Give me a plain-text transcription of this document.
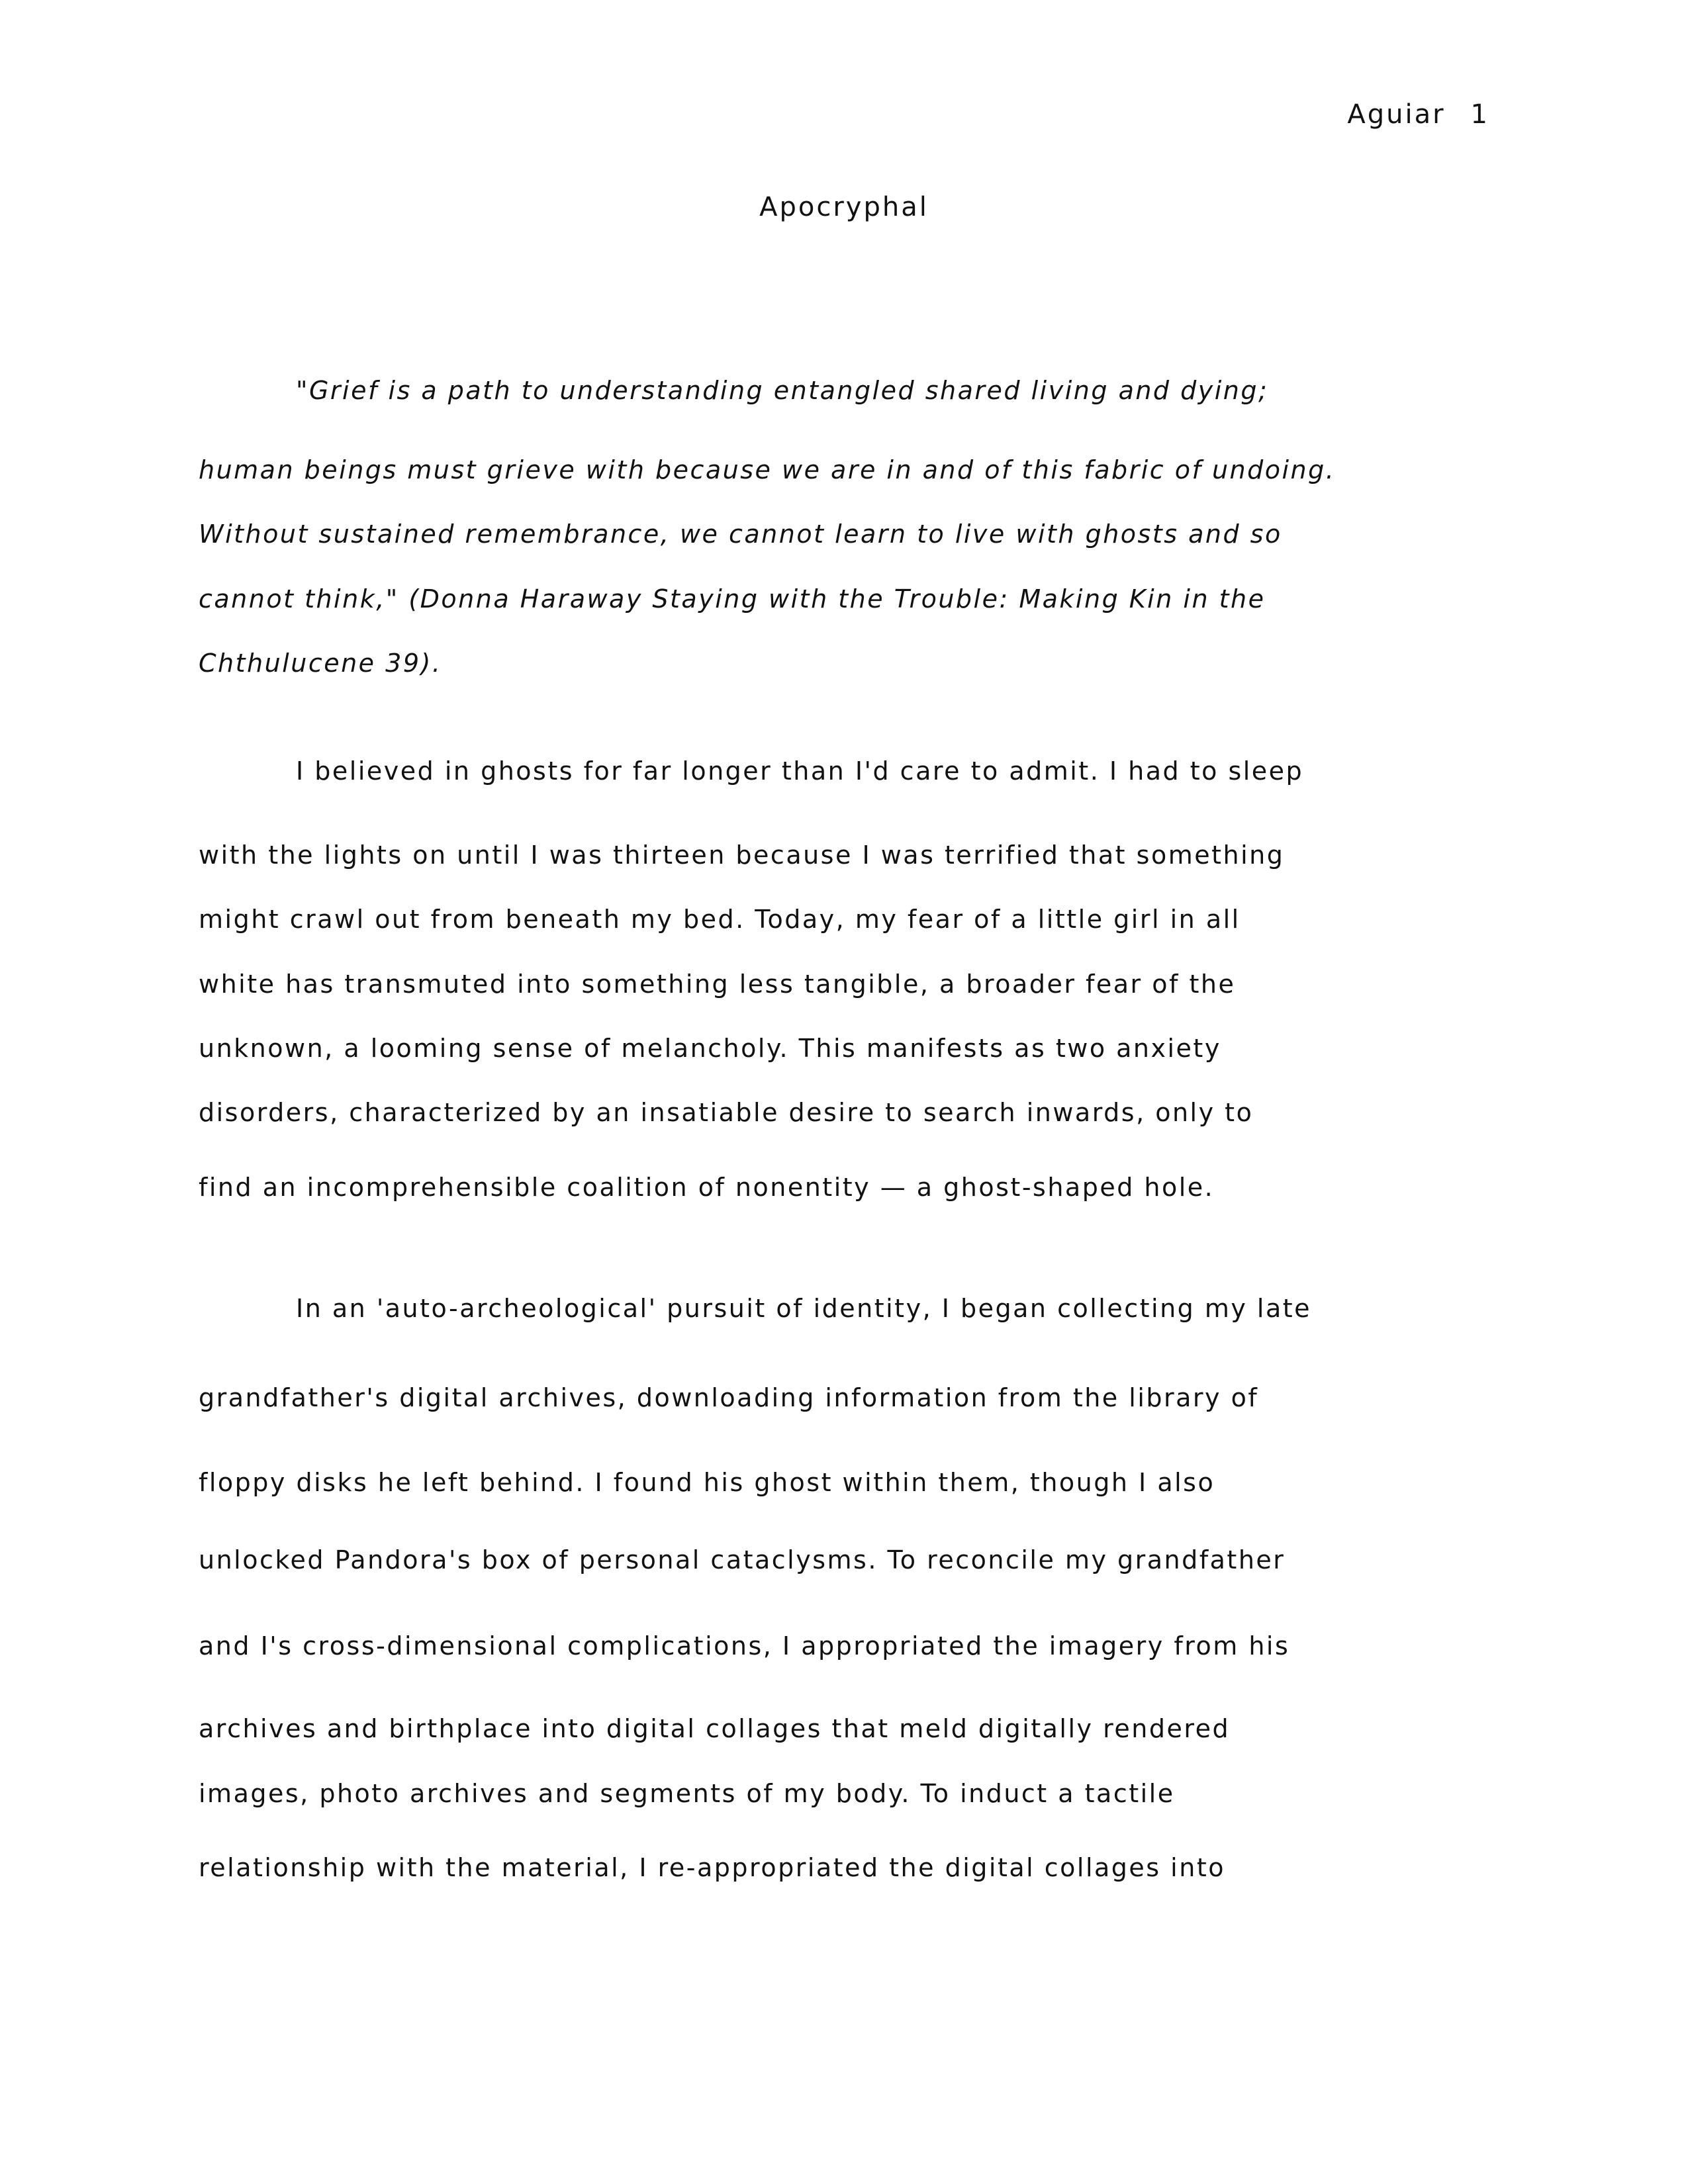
Aguiar 1
Apocryphal
"Grief is a path to understanding entangled shared living and dying;
human beings must grieve with because we are in and of this fabric of undoing.
Without sustained remembrance, we cannot learn to live with ghosts and so
cannot think," (Donna Haraway Staying with the Trouble: Making Kin in the
Chthulucene 39).
I believed in ghosts for far longer than I'd care to admit. I had to sleep
with the lights on until I was thirteen because I was terrified that something
might crawl out from beneath my bed. Today, my fear of a little girl in all
white has transmuted into something less tangible, a broader fear of the
unknown, a looming sense of melancholy. This manifests as two anxiety
disorders, characterized by an insatiable desire to search inwards, only to
find an incomprehensible coalition of nonentity — a ghost-shaped hole.
In an 'auto-archeological' pursuit of identity, I began collecting my late
grandfather's digital archives, downloading information from the library of
floppy disks he left behind. I found his ghost within them, though I also
unlocked Pandora's box of personal cataclysms. To reconcile my grandfather
and I's cross-dimensional complications, I appropriated the imagery from his
archives and birthplace into digital collages that meld digitally rendered
images, photo archives and segments of my body. To induct a tactile
relationship with the material, I re-appropriated the digital collages into
